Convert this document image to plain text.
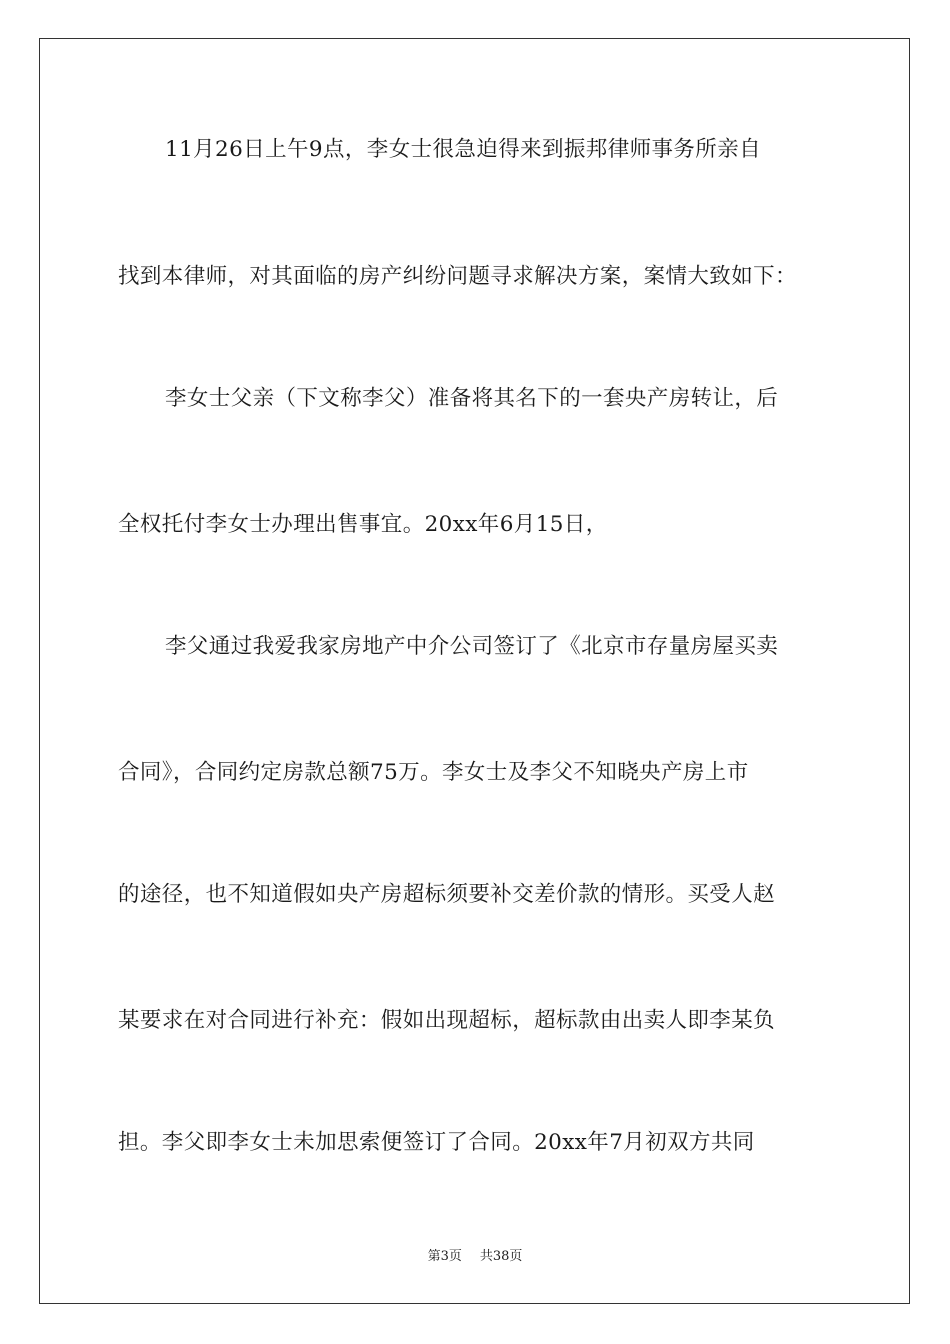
11月26日上午9点，李女士很急迫得来到振邦律师事务所亲自
找到本律师，对其面临的房产纠纷问题寻求解决方案，案情大致如下：
李女士父亲（下文称李父）准备将其名下的一套央产房转让，后
全权托付李女士办理出售事宜。20xx年6月15日，
李父通过我爱我家房地产中介公司签订了《北京市存量房屋买卖
合同》，合同约定房款总额75万。李女士及李父不知晓央产房上市
的途径，也不知道假如央产房超标须要补交差价款的情形。买受人赵
某要求在对合同进行补充：假如出现超标，超标款由出卖人即李某负
担。李父即李女士未加思索便签订了合同。20xx年7月初双方共同
第3页 共38页
